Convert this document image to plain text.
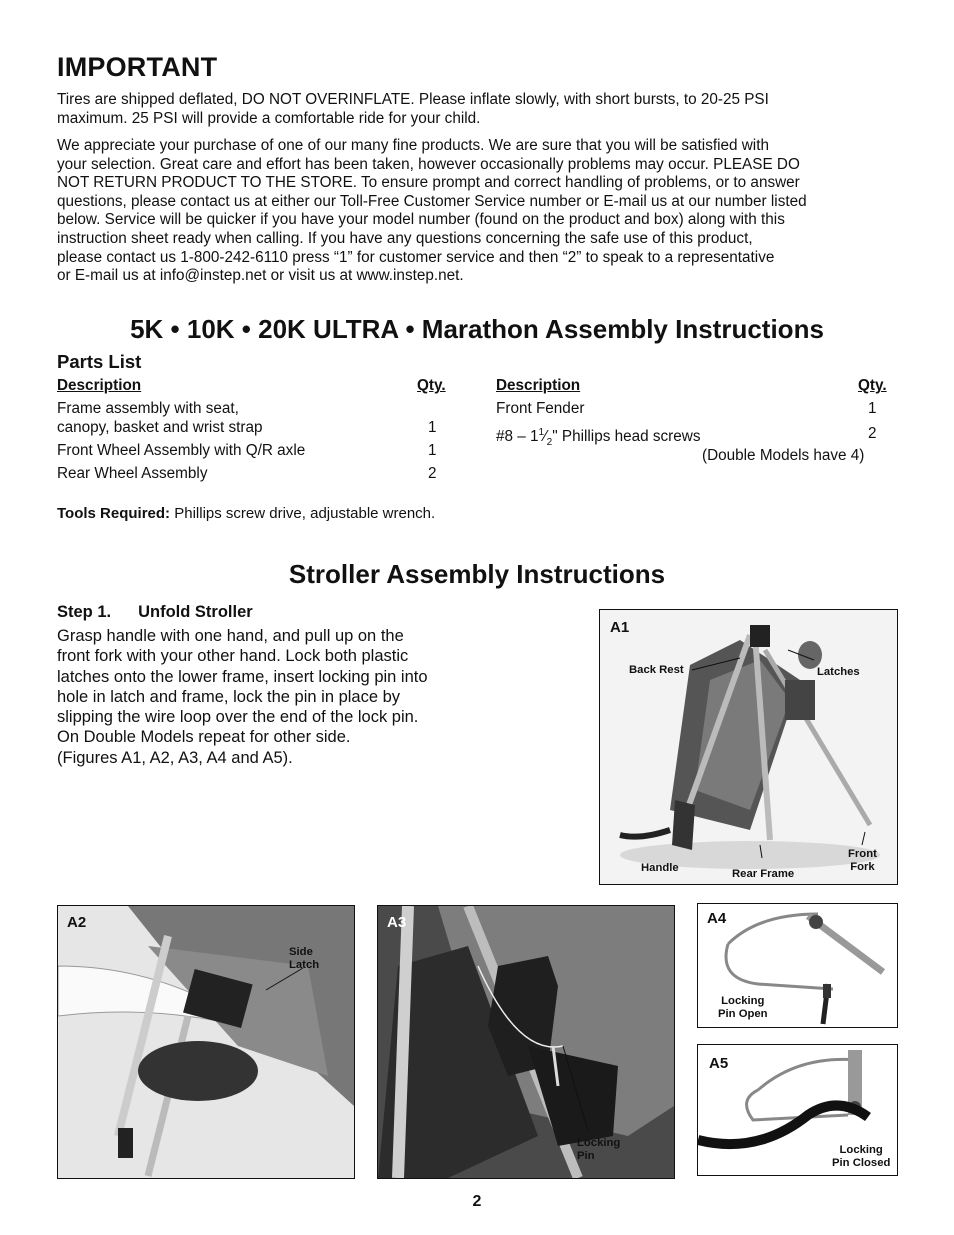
IMPORTANT

Tires are shipped deflated, DO NOT OVERINFLATE. Please inflate slowly, with short bursts, to 20-25 PSI
maximum. 25 PSI will provide a comfortable ride for your child.

We appreciate your purchase of one of our many fine products. We are sure that you will be satisfied with
your selection. Great care and effort has been taken, however occasionally problems may occur. PLEASE DO
NOT RETURN PRODUCT TO THE STORE. To ensure prompt and correct handling of problems, or to answer
questions, please contact us at either our Toll-Free Customer Service number or E-mail us at our number listed
below. Service will be quicker if you have your model number (found on the product and box) along with this
instruction sheet ready when calling. If you have any questions concerning the safe use of this product,
please contact us 1-800-242-6110 press “1” for customer service and then “2” to speak to a representative
or E-mail us at info@instep.net or visit us at www.instep.net.

5K • 10K • 20K ULTRA • Marathon Assembly Instructions
Parts List
Description	Qty.
Frame assembly with seat,
canopy, basket and wrist strap	1
Front Wheel Assembly with Q/R axle	1
Rear Wheel Assembly	2
Description	Qty.
Front Fender	1
#8 – $1^1⁄_2$" Phillips head screws	2
(Double Models have 4)
Tools Required: Phillips screw drive, adjustable wrench.
Stroller Assembly Instructions
Step 1. Unfold Stroller

Grasp handle with one hand, and pull up on the
front fork with your other hand. Lock both plastic
latches onto the lower frame, insert locking pin into
hole in latch and frame, lock the pin in place by
slipping the wire loop over the end of the lock pin.
On Double Models repeat for other side.
(Figures A1, A2, A3, A4 and A5).

A1
Back Rest	Latches
Handle	Rear Frame
Front
Fork
A2
Side
Latch
A3
Locking
Pin
A4
Locking
Pin Open
A5
Locking
Pin Closed
2
